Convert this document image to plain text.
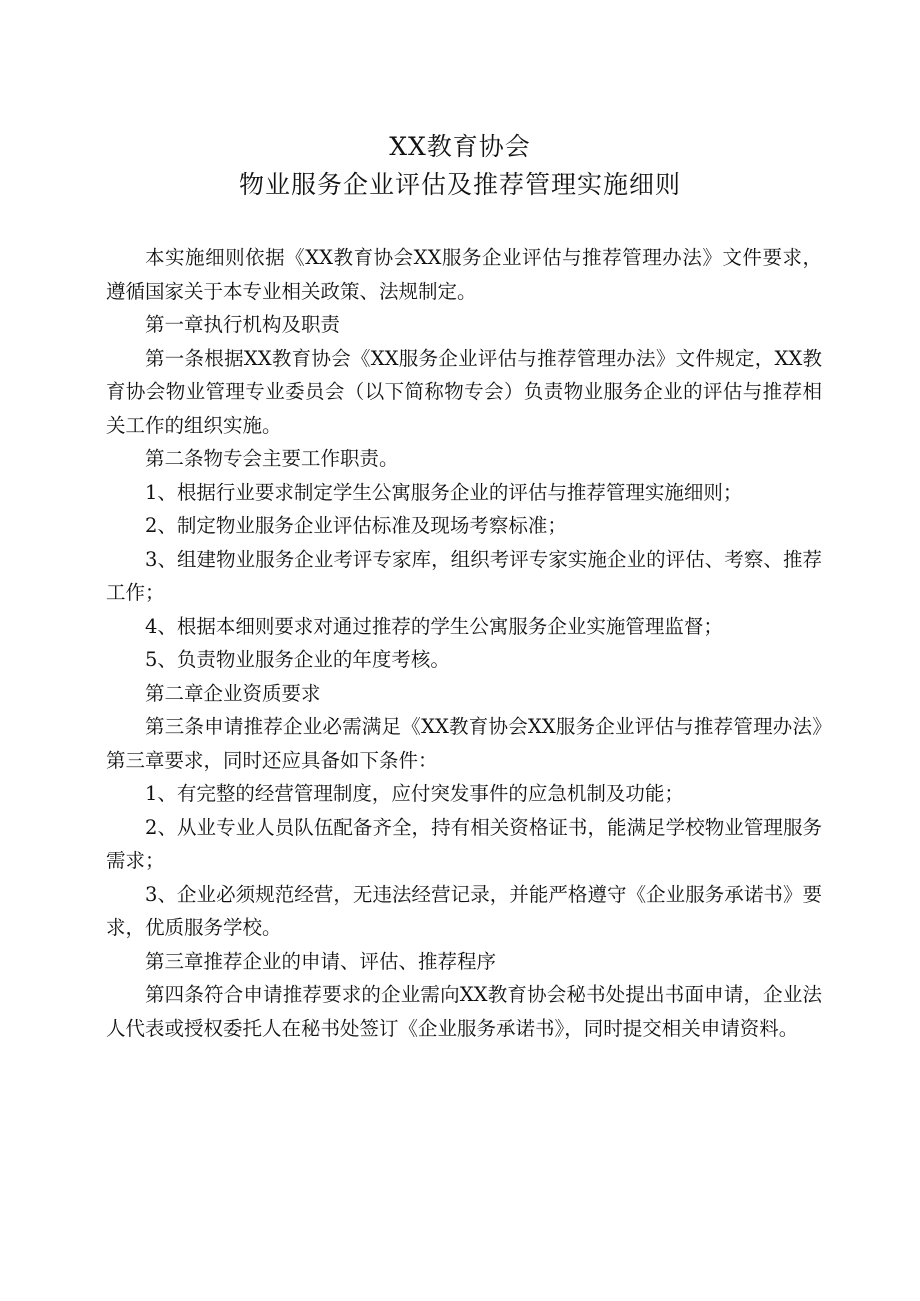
XX教育协会
物业服务企业评估及推荐管理实施细则

本实施细则依据《XX教育协会XX服务企业评估与推荐管理办法》文件要求，遵循国家关于本专业相关政策、法规制定。

第一章执行机构及职责

第一条根据XX教育协会《XX服务企业评估与推荐管理办法》文件规定，XX教育协会物业管理专业委员会（以下简称物专会）负责物业服务企业的评估与推荐相关工作的组织实施。

第二条物专会主要工作职责。

1、根据行业要求制定学生公寓服务企业的评估与推荐管理实施细则；

2、制定物业服务企业评估标准及现场考察标准；

3、组建物业服务企业考评专家库，组织考评专家实施企业的评估、考察、推荐工作；

4、根据本细则要求对通过推荐的学生公寓服务企业实施管理监督；

5、负责物业服务企业的年度考核。

第二章企业资质要求

第三条申请推荐企业必需满足《XX教育协会XX服务企业评估与推荐管理办法》第三章要求，同时还应具备如下条件：

1、有完整的经营管理制度，应付突发事件的应急机制及功能；

2、从业专业人员队伍配备齐全，持有相关资格证书，能满足学校物业管理服务需求；

3、企业必须规范经营，无违法经营记录，并能严格遵守《企业服务承诺书》要求，优质服务学校。

第三章推荐企业的申请、评估、推荐程序

第四条符合申请推荐要求的企业需向XX教育协会秘书处提出书面申请，企业法人代表或授权委托人在秘书处签订《企业服务承诺书》，同时提交相关申请资料。
